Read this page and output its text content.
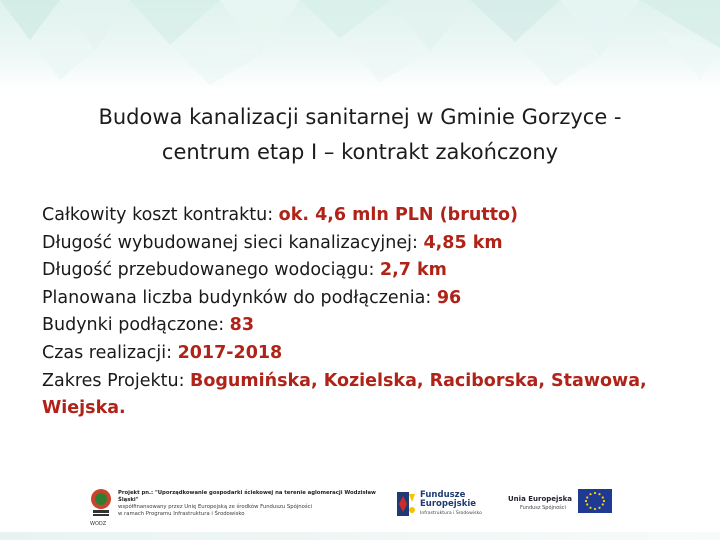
Budowa kanalizacji sanitarnej w Gminie Gorzyce -
centrum etap I – kontrakt zakończony
Całkowity koszt kontraktu: ok. 4,6 mln PLN (brutto)
Długość wybudowanej sieci kanalizacyjnej: 4,85 km
Długość przebudowanego wodociągu: 2,7 km
Planowana liczba budynków do podłączenia: 96
Budynki podłączone: 83
Czas realizacji: 2017-2018
Zakres Projektu: Bogumińska, Kozielska, Raciborska, Stawowa, Wiejska.
WODZ
Projekt pn.: "Uporządkowanie gospodarki ściekowej na terenie aglomeracji Wodzisław Śląski"
współfinansowany przez Unię Europejską ze środków Funduszu Spójności
w ramach Programu Infrastruktura i Środowisko
Fundusze
Europejskie
Infrastruktura i Środowisko
Unia Europejska
Fundusz Spójności
